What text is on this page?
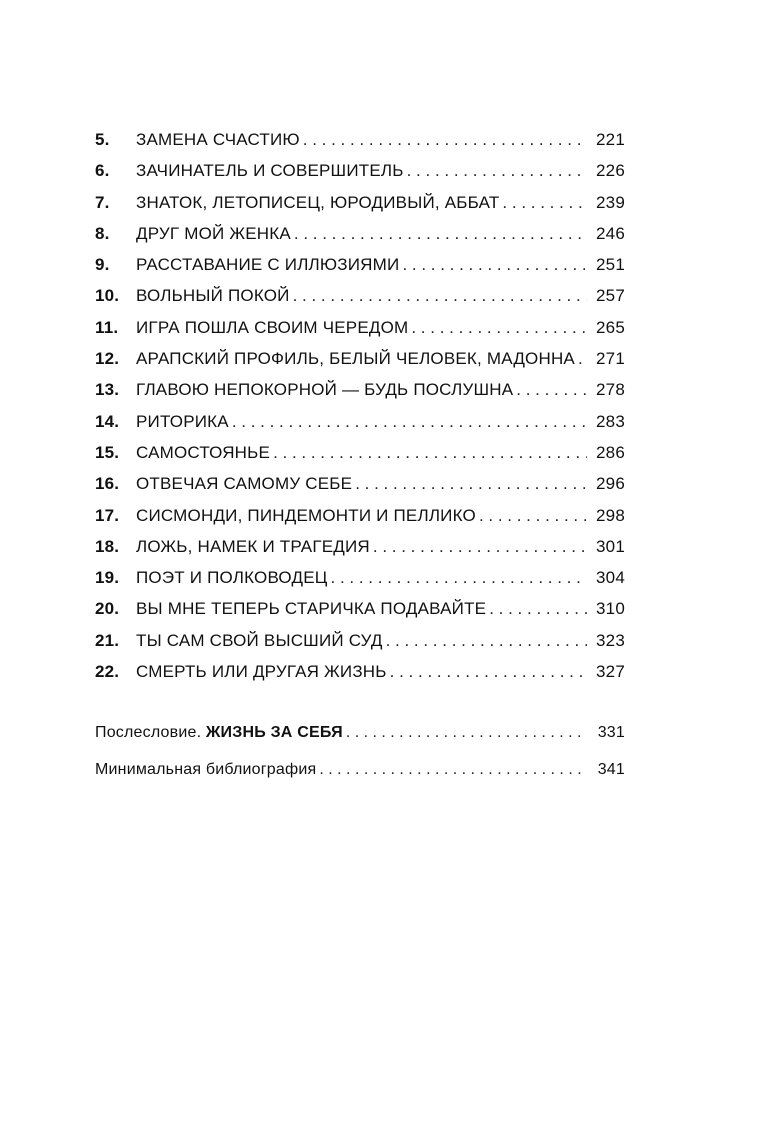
5.	ЗАМЕНА СЧАСТИЮ . . .	221
6.	ЗАЧИНАТЕЛЬ И СОВЕРШИТЕЛЬ . . .	226
7.	ЗНАТОК, ЛЕТОПИСЕЦ, ЮРОДИВЫЙ, АББАТ . . .	239
8.	ДРУГ МОЙ ЖЕНКА . . .	246
9.	РАССТАВАНИЕ С ИЛЛЮЗИЯМИ . . .	251
10. ВОЛЬНЫЙ ПОКОЙ . . .	257
11.	ИГРА ПОШЛА СВОИМ ЧЕРЕДОМ . . .	265
12. АРАПСКИЙ ПРОФИЛЬ, БЕЛЫЙ ЧЕЛОВЕК, МАДОННА . . . 271
13. ГЛАВОЮ НЕПОКОРНОЙ — БУДЬ ПОСЛУШНА . . .	278
14. РИТОРИКА . . .	283
15. САМОСТОЯНЬЕ . . .	286
16. ОТВЕЧАЯ САМОМУ СЕБЕ . . .	296
17. СИСМОНДИ, ПИНДЕМОНТИ И ПЕЛЛИКО . . .	298
18. ЛОЖЬ, НАМЕК И ТРАГЕДИЯ . . .	301
19. ПОЭТ И ПОЛКОВОДЕЦ . . .	304
20. ВЫ МНЕ ТЕПЕРЬ СТАРИЧКА ПОДАВАЙТЕ . . .	310
21. ТЫ САМ СВОЙ ВЫСШИЙ СУД . . .	323
22. СМЕРТЬ ИЛИ ДРУГАЯ ЖИЗНЬ . . .	327
Послесловие. ЖИЗНЬ ЗА СЕБЯ . . .	331
Минимальная библиография . . .	341
